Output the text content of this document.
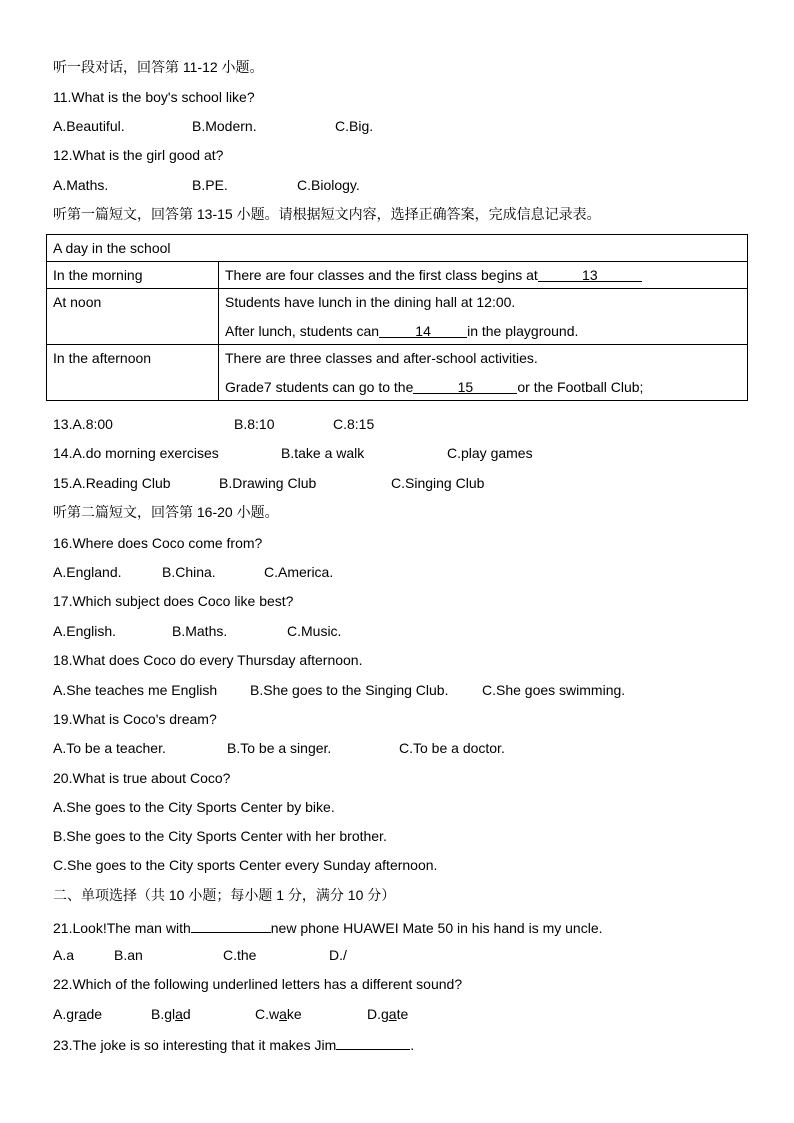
听一段对话，回答第 11-12 小题。
11.What is the boy's school like?
A.Beautiful.	B.Modern.	C.Big.
12.What is the girl good at?
A.Maths.	B.PE.	C.Biology.
听第一篇短文，回答第 13-15 小题。请根据短文内容，选择正确答案，完成信息记录表。
A day in the school	
In the morning	There are four classes and the first class begins at 13
At noon	Students have lunch in the dining hall at 12:00.

After lunch, students can 14 in the playground.

In the afternoon	There are three classes and after-school activities.

Grade7 students can go to the 15 or the Football Club;

13.A.8:00	B.8:10	C.8:15
14.A.do morning exercises	B.take a walk	C.play games
15.A.Reading Club	B.Drawing Club	C.Singing Club
听第二篇短文，回答第 16-20 小题。
16.Where does Coco come from?
A.England.	B.China.	C.America.
17.Which subject does Coco like best?
A.English.	B.Maths.	C.Music.
18.What does Coco do every Thursday afternoon.
A.She teaches me English B.She goes to the Singing Club. C.She goes swimming.
19.What is Coco's dream?
A.To be a teacher.	B.To be a singer.	C.To be a doctor.
20.What is true about Coco?
A.She goes to the City Sports Center by bike.
B.She goes to the City Sports Center with her brother.
C.She goes to the City sports Center every Sunday afternoon.
二、单项选择（共 10 小题；每小题 1 分，满分 10 分）
21.Look!The man with	new phone HUAWEI Mate 50 in his hand is my uncle.
A.a	B.an	C.the	D./
22.Which of the following underlined letters has a different sound?
A.grade	B.glad	C.wake	D.gate
23.The joke is so interesting that it makes Jim	.
